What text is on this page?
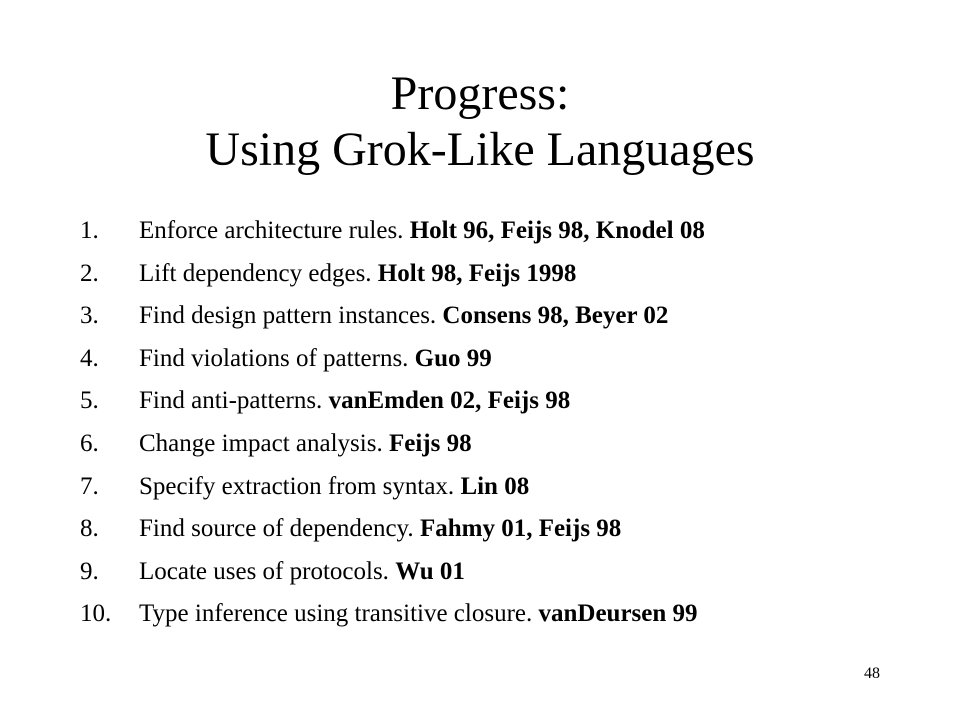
Progress:
Using Grok-Like Languages
1. Enforce architecture rules. Holt 96, Feijs 98, Knodel 08
2. Lift dependency edges. Holt 98, Feijs 1998
3. Find design pattern instances. Consens 98, Beyer 02
4. Find violations of patterns. Guo 99
5. Find anti-patterns. vanEmden 02, Feijs 98
6. Change impact analysis. Feijs 98
7. Specify extraction from syntax. Lin 08
8. Find source of dependency. Fahmy 01, Feijs 98
9. Locate uses of protocols. Wu 01
10. Type inference using transitive closure. vanDeursen 99
48
